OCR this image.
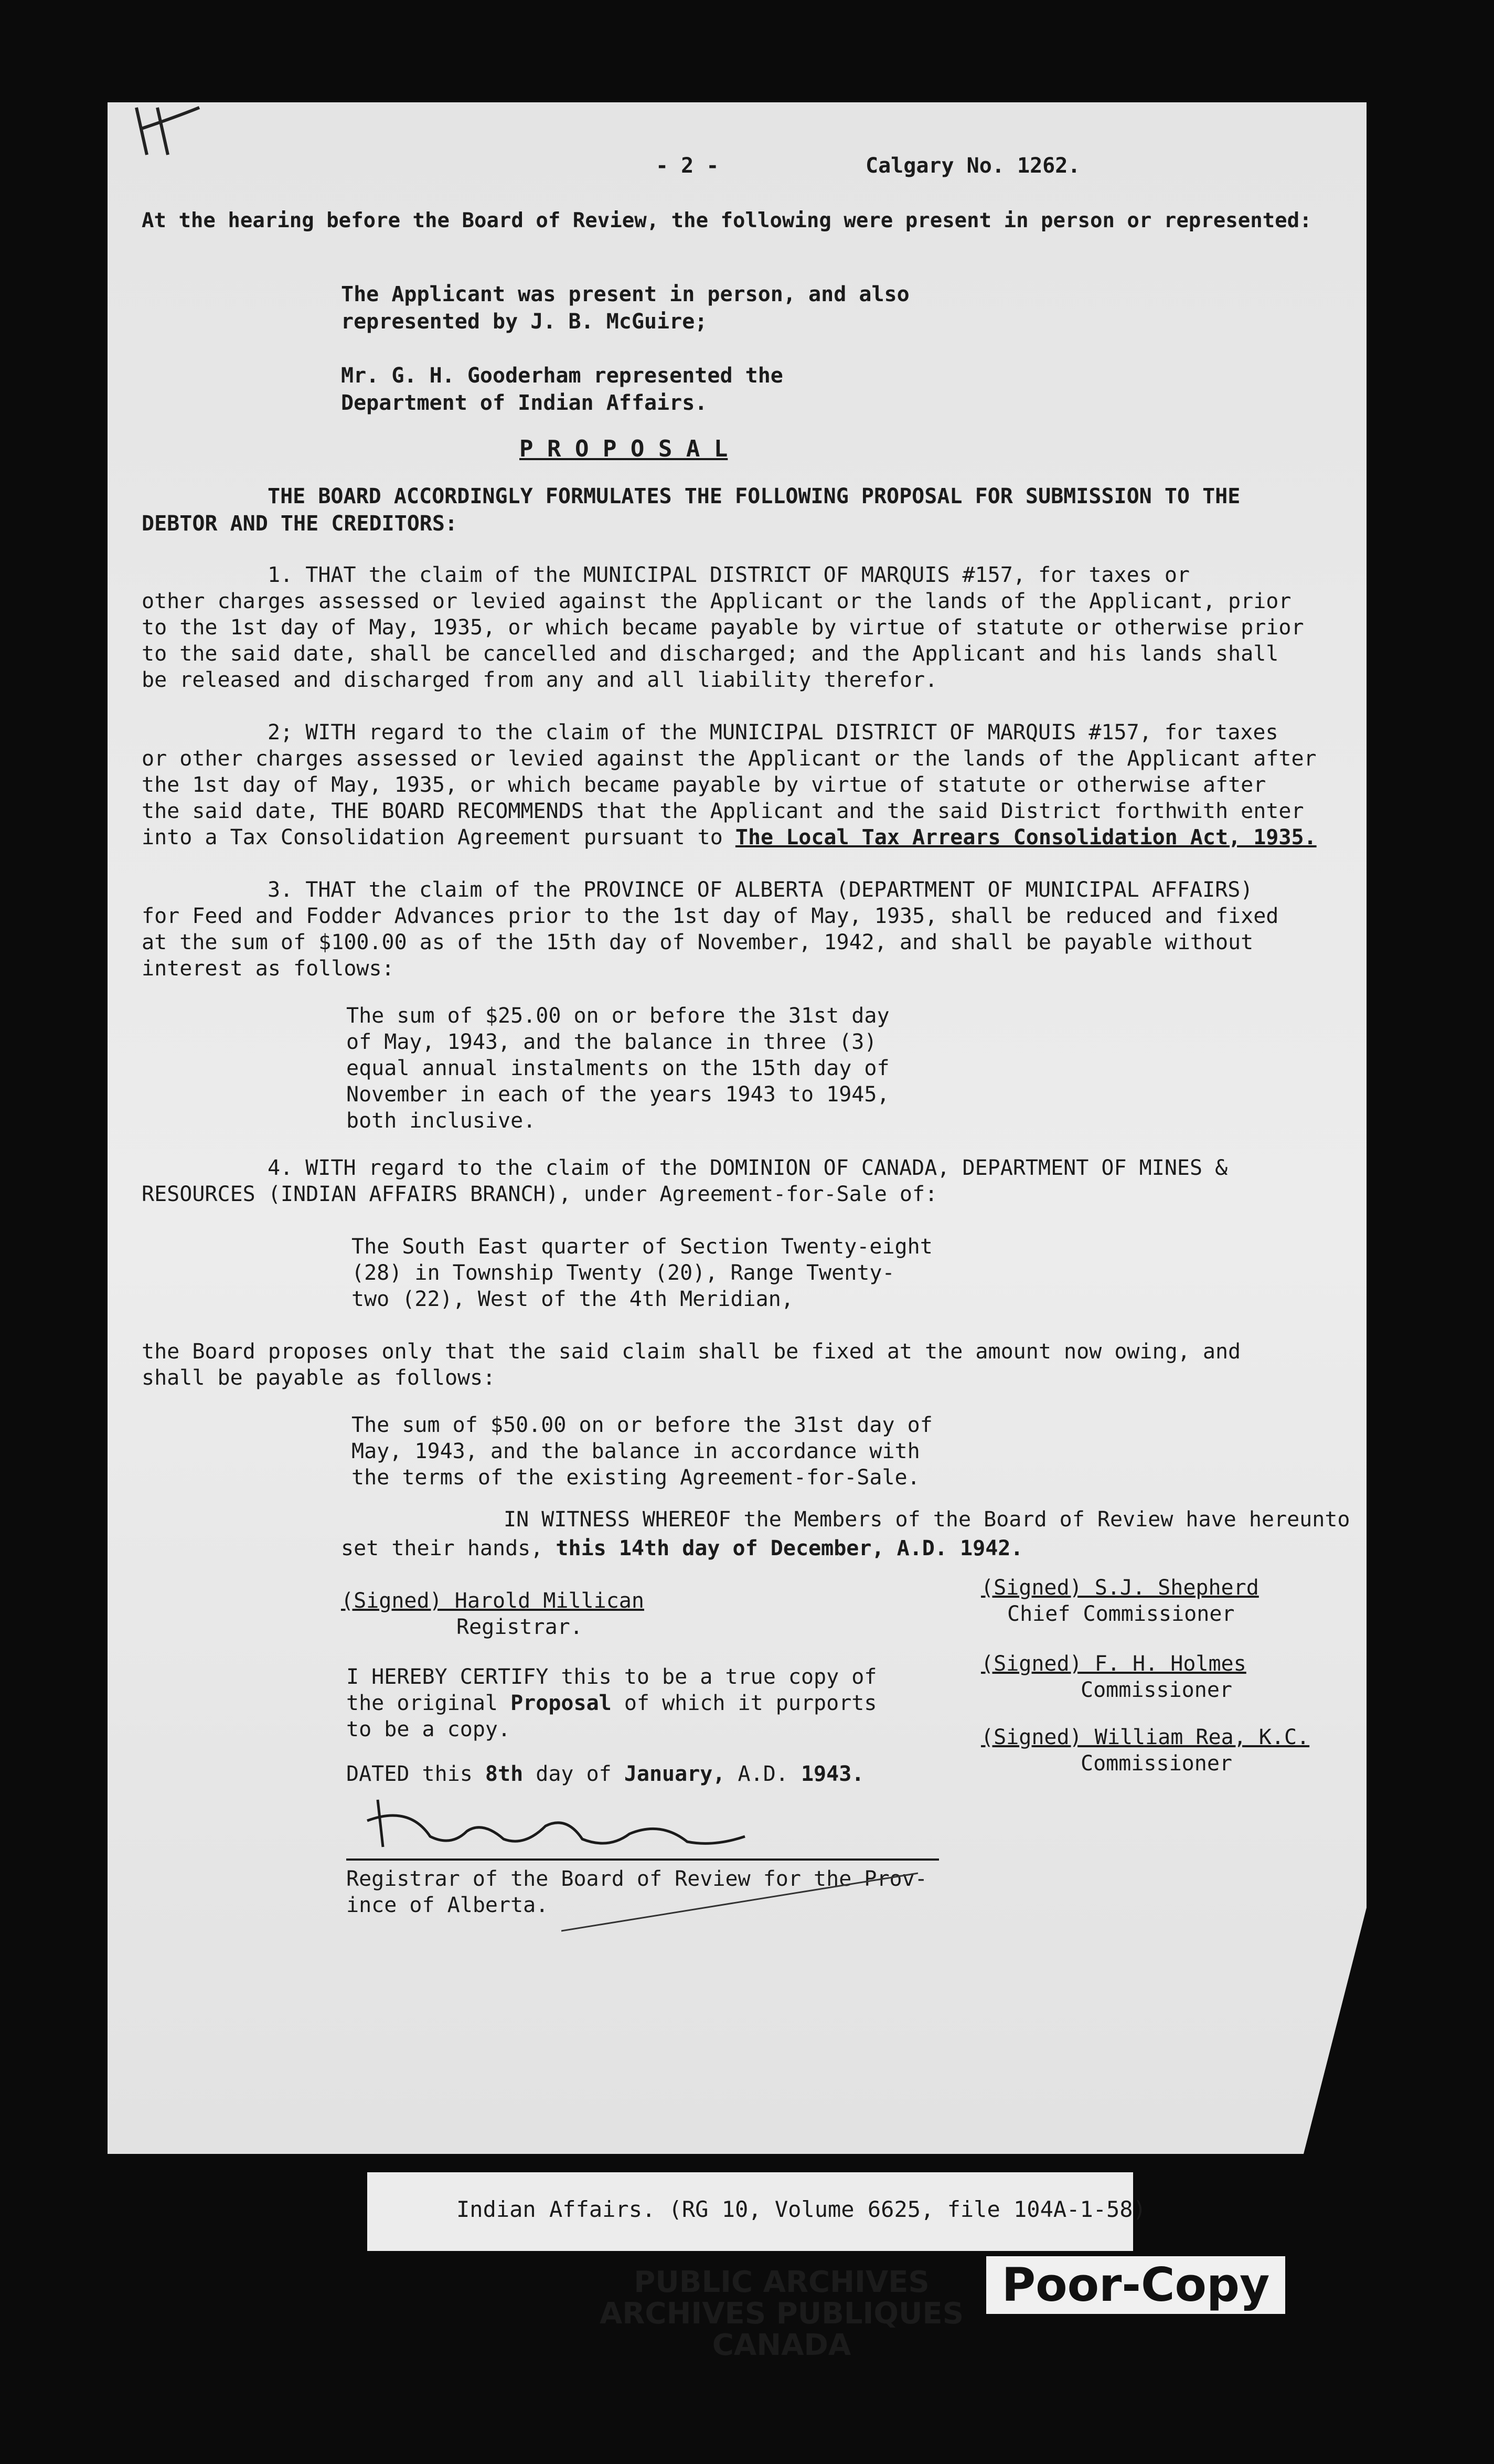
- 2 -	Calgary No. 1262.
At the hearing before the Board of Review, the following were present in person or represented:
The Applicant was present in person, and also represented by J. B. McGuire;
Mr. G. H. Gooderham represented the Department of Indian Affairs.
P R O P O S A L
THE BOARD ACCORDINGLY FORMULATES THE FOLLOWING PROPOSAL FOR SUBMISSION TO THE DEBTOR AND THE CREDITORS:
1. THAT the claim of the MUNICIPAL DISTRICT OF MARQUIS #157, for taxes or
other charges assessed or levied against the Applicant or the lands of the Applicant, prior
to the 1st day of May, 1935, or which became payable by virtue of statute or otherwise prior
to the said date, shall be cancelled and discharged; and the Applicant and his lands shall
be released and discharged from any and all liability therefor.
2; WITH regard to the claim of the MUNICIPAL DISTRICT OF MARQUIS #157, for taxes
or other charges assessed or levied against the Applicant or the lands of the Applicant after
the 1st day of May, 1935, or which became payable by virtue of statute or otherwise after
the said date, THE BOARD RECOMMENDS that the Applicant and the said District forthwith enter
into a Tax Consolidation Agreement pursuant to The Local Tax Arrears Consolidation Act, 1935.
3. THAT the claim of the PROVINCE OF ALBERTA (DEPARTMENT OF MUNICIPAL AFFAIRS)
for Feed and Fodder Advances prior to the 1st day of May, 1935, shall be reduced and fixed
at the sum of $100.00 as of the 15th day of November, 1942, and shall be payable without
interest as follows:
The sum of $25.00 on or before the 31st day
of May, 1943, and the balance in three (3)
equal annual instalments on the 15th day of
November in each of the years 1943 to 1945,
both inclusive.
4. WITH regard to the claim of the DOMINION OF CANADA, DEPARTMENT OF MINES &
RESOURCES (INDIAN AFFAIRS BRANCH), under Agreement-for-Sale of:
The South East quarter of Section Twenty-eight
(28) in Township Twenty (20), Range Twenty-
two (22), West of the 4th Meridian,
the Board proposes only that the said claim shall be fixed at the amount now owing, and
shall be payable as follows:
The sum of $50.00 on or before the 31st day of
May, 1943, and the balance in accordance with
the terms of the existing Agreement-for-Sale.
IN WITNESS WHEREOF the Members of the Board of Review have hereunto
set their hands, this 14th day of December, A.D. 1942.
(Signed) Harold Millican
Registrar.
(Signed) S.J. Shepherd
Chief Commissioner
(Signed) F. H. Holmes
Commissioner
(Signed) William Rea, K.C.
Commissioner
I HEREBY CERTIFY this to be a true copy of
the original Proposal of which it purports
to be a copy.
DATED this 8th day of January, A.D. 1943.
Registrar of the Board of Review for the Prov-
ince of Alberta.
Indian Affairs. (RG 10, Volume 6625, file 104A-1-58)
PUBLIC ARCHIVES
ARCHIVES PUBLIQUES
CANADA
Poor-Copy
